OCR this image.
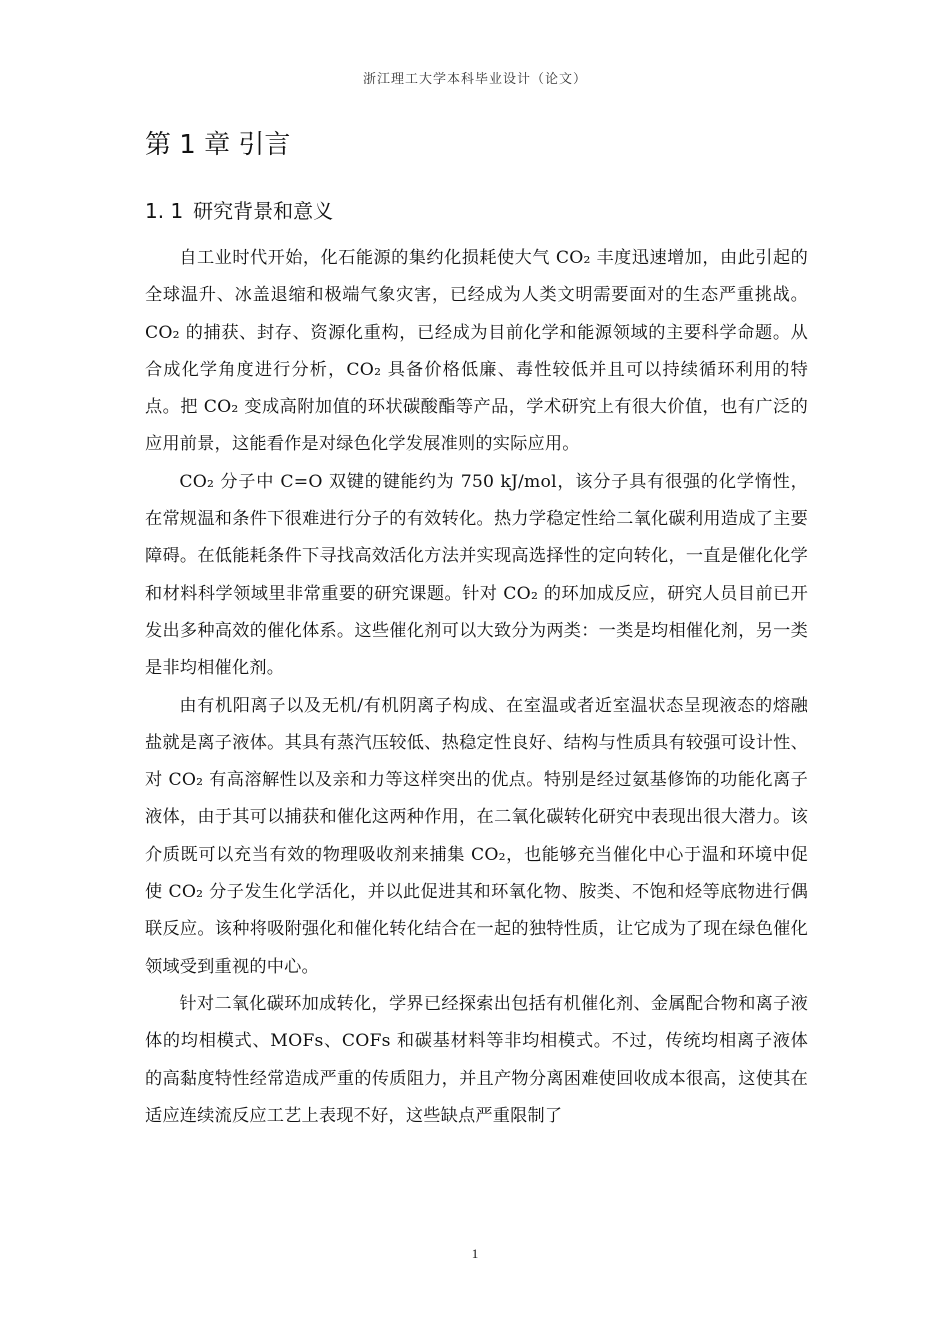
浙江理工大学本科毕业设计（论文）
第 1 章 引言
1. 1 研究背景和意义

自工业时代开始，化石能源的集约化损耗使大气 CO₂ 丰度迅速增加，由此引起的全球温升、冰盖退缩和极端气象灾害，已经成为人类文明需要面对的生态严重挑战。CO₂ 的捕获、封存、资源化重构，已经成为目前化学和能源领域的主要科学命题。从合成化学角度进行分析，CO₂ 具备价格低廉、毒性较低并且可以持续循环利用的特点。把 CO₂ 变成高附加值的环状碳酸酯等产品，学术研究上有很大价值，也有广泛的应用前景，这能看作是对绿色化学发展准则的实际应用。

CO₂ 分子中 C=O 双键的键能约为 750 kJ/mol，该分子具有很强的化学惰性，在常规温和条件下很难进行分子的有效转化。热力学稳定性给二氧化碳利用造成了主要障碍。在低能耗条件下寻找高效活化方法并实现高选择性的定向转化，一直是催化化学和材料科学领域里非常重要的研究课题。针对 CO₂ 的环加成反应，研究人员目前已开发出多种高效的催化体系。这些催化剂可以大致分为两类：一类是均相催化剂，另一类是非均相催化剂。

由有机阳离子以及无机/有机阴离子构成、在室温或者近室温状态呈现液态的熔融盐就是离子液体。其具有蒸汽压较低、热稳定性良好、结构与性质具有较强可设计性、对 CO₂ 有高溶解性以及亲和力等这样突出的优点。特别是经过氨基修饰的功能化离子液体，由于其可以捕获和催化这两种作用，在二氧化碳转化研究中表现出很大潜力。该介质既可以充当有效的物理吸收剂来捕集 CO₂，也能够充当催化中心于温和环境中促使 CO₂ 分子发生化学活化，并以此促进其和环氧化物、胺类、不饱和烃等底物进行偶联反应。该种将吸附强化和催化转化结合在一起的独特性质，让它成为了现在绿色催化领域受到重视的中心。

针对二氧化碳环加成转化，学界已经探索出包括有机催化剂、金属配合物和离子液体的均相模式、MOFs、COFs 和碳基材料等非均相模式。不过，传统均相离子液体的高黏度特性经常造成严重的传质阻力，并且产物分离困难使回收成本很高，这使其在适应连续流反应工艺上表现不好，这些缺点严重限制了

1
